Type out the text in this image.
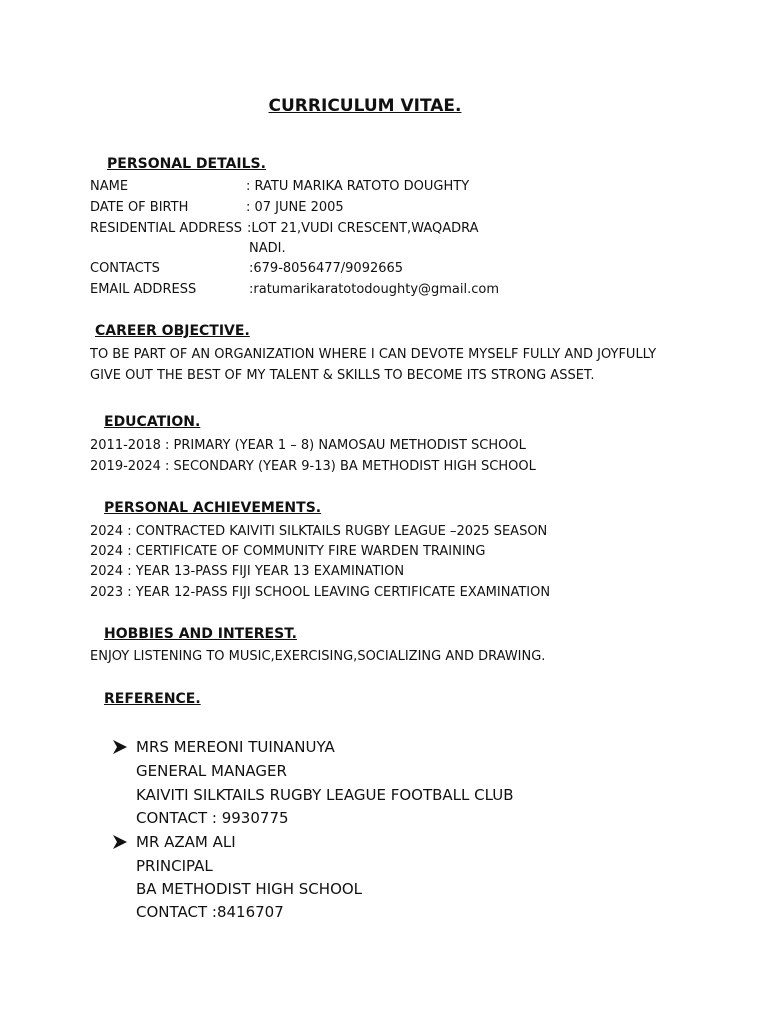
CURRICULUM VITAE.
PERSONAL DETAILS.
NAME	: RATU MARIKA RATOTO DOUGHTY
DATE OF BIRTH	: 07 JUNE 2005
RESIDENTIAL ADDRESS :LOT 21,VUDI CRESCENT,WAQADRA
NADI.
CONTACTS	:679-8056477/9092665
EMAIL ADDRESS	:ratumarikaratotodoughty@gmail.com
CAREER OBJECTIVE.
TO BE PART OF AN ORGANIZATION WHERE I CAN DEVOTE MYSELF FULLY AND JOYFULLY
GIVE OUT THE BEST OF MY TALENT & SKILLS TO BECOME ITS STRONG ASSET.
EDUCATION.
2011-2018 : PRIMARY (YEAR 1 – 8) NAMOSAU METHODIST SCHOOL
2019-2024 : SECONDARY (YEAR 9-13) BA METHODIST HIGH SCHOOL
PERSONAL ACHIEVEMENTS.
2024 : CONTRACTED KAIVITI SILKTAILS RUGBY LEAGUE –2025 SEASON
2024 : CERTIFICATE OF COMMUNITY FIRE WARDEN TRAINING
2024 : YEAR 13-PASS FIJI YEAR 13 EXAMINATION
2023 : YEAR 12-PASS FIJI SCHOOL LEAVING CERTIFICATE EXAMINATION
HOBBIES AND INTEREST.
ENJOY LISTENING TO MUSIC,EXERCISING,SOCIALIZING AND DRAWING.
REFERENCE.
MRS MEREONI TUINANUYA
GENERAL MANAGER
KAIVITI SILKTAILS RUGBY LEAGUE FOOTBALL CLUB
CONTACT : 9930775
MR AZAM ALI
PRINCIPAL
BA METHODIST HIGH SCHOOL
CONTACT :8416707
